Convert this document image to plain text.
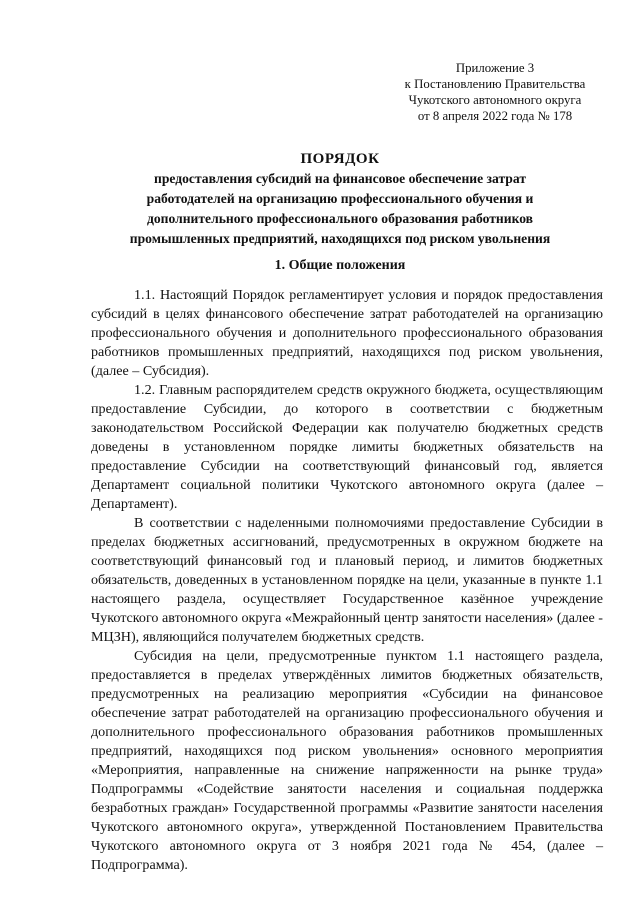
Приложение 3
к Постановлению Правительства
Чукотского автономного округа
от 8 апреля 2022 года № 178
ПОРЯДОК
предоставления субсидий на финансовое обеспечение затрат
работодателей на организацию профессионального обучения и
дополнительного профессионального образования работников
промышленных предприятий, находящихся под риском увольнения
1. Общие положения

1.1. Настоящий Порядок регламентирует условия и порядок предоставления субсидий в целях финансового обеспечение затрат работодателей на организацию профессионального обучения и дополнительного профессионального образования работников промышленных предприятий, находящихся под риском увольнения, (далее – Субсидия).

1.2. Главным распорядителем средств окружного бюджета, осуществляющим предоставление Субсидии, до которого в соответствии с бюджетным законодательством Российской Федерации как получателю бюджетных средств доведены в установленном порядке лимиты бюджетных обязательств на предоставление Субсидии на соответствующий финансовый год, является Департамент социальной политики Чукотского автономного округа (далее – Департамент).

В соответствии с наделенными полномочиями предоставление Субсидии в пределах бюджетных ассигнований, предусмотренных в окружном бюджете на соответствующий финансовый год и плановый период, и лимитов бюджетных обязательств, доведенных в установленном порядке на цели, указанные в пункте 1.1 настоящего раздела, осуществляет Государственное казённое учреждение Чукотского автономного округа «Межрайонный центр занятости населения» (далее - МЦЗН), являющийся получателем бюджетных средств.

Субсидия на цели, предусмотренные пунктом 1.1 настоящего раздела, предоставляется в пределах утверждённых лимитов бюджетных обязательств, предусмотренных на реализацию мероприятия «Субсидии на финансовое обеспечение затрат работодателей на организацию профессионального обучения и дополнительного профессионального образования работников промышленных предприятий, находящихся под риском увольнения» основного мероприятия «Мероприятия, направленные на снижение напряженности на рынке труда» Подпрограммы «Содействие занятости населения и социальная поддержка безработных граждан» Государственной программы «Развитие занятости населения Чукотского автономного округа», утвержденной Постановлением Правительства Чукотского автономного округа от 3 ноября 2021 года № 454, (далее – Подпрограмма).
